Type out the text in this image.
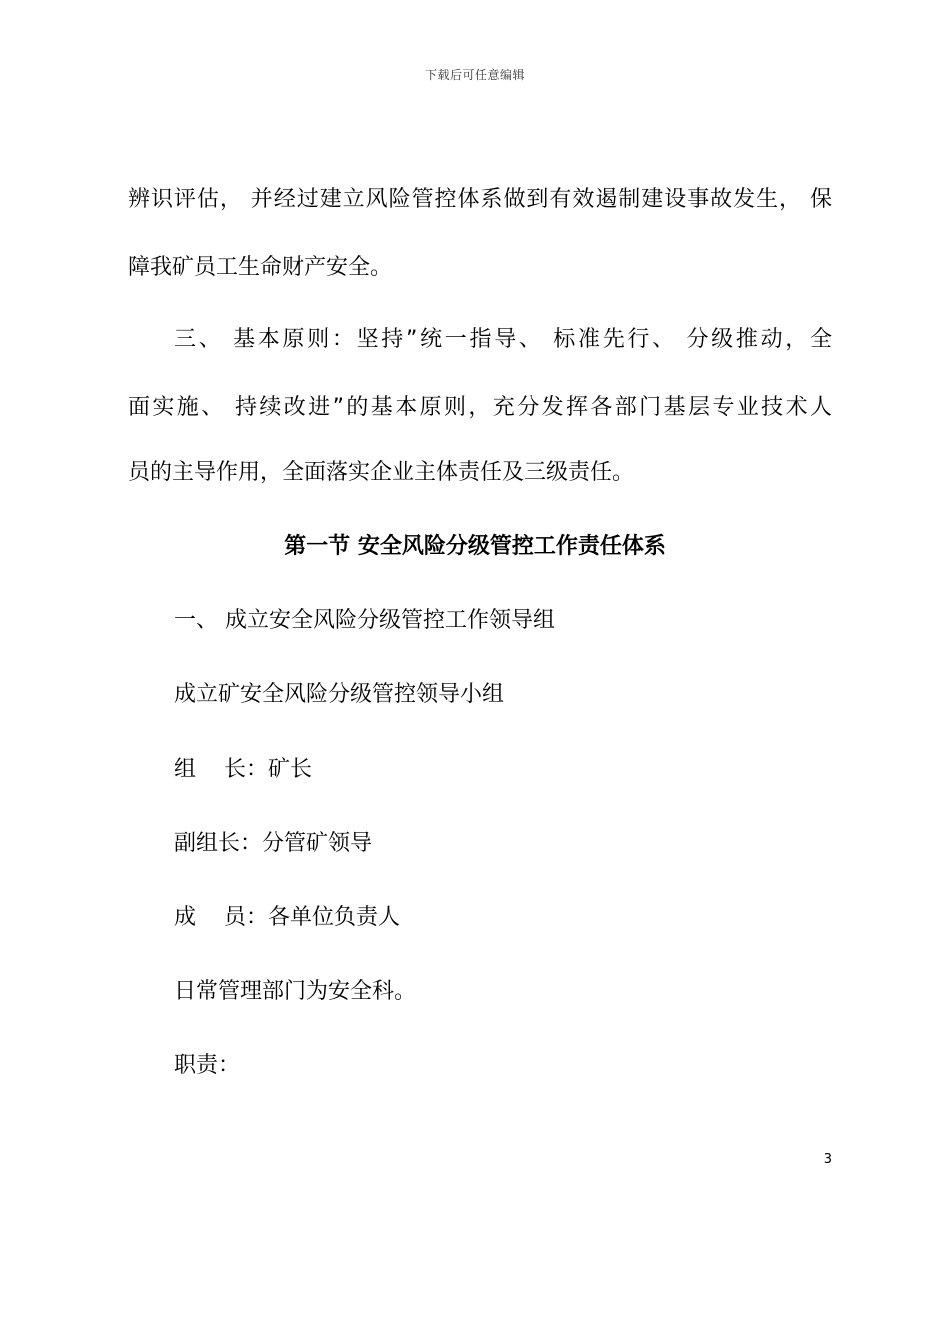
下载后可任意编辑
辨识评估， 并经过建立风险管控体系做到有效遏制建设事故发生， 保
障我矿员工生命财产安全。
三、 基本原则：坚持”统一指导、 标准先行、 分级推动，全
面实施、 持续改进”的基本原则，充分发挥各部门基层专业技术人
员的主导作用，全面落实企业主体责任及三级责任。
第一节 安全风险分级管控工作责任体系
一、 成立安全风险分级管控工作领导组
成立矿安全风险分级管控领导小组
组    长：矿长
副组长：分管矿领导
成    员：各单位负责人
日常管理部门为安全科。
职责：
3
